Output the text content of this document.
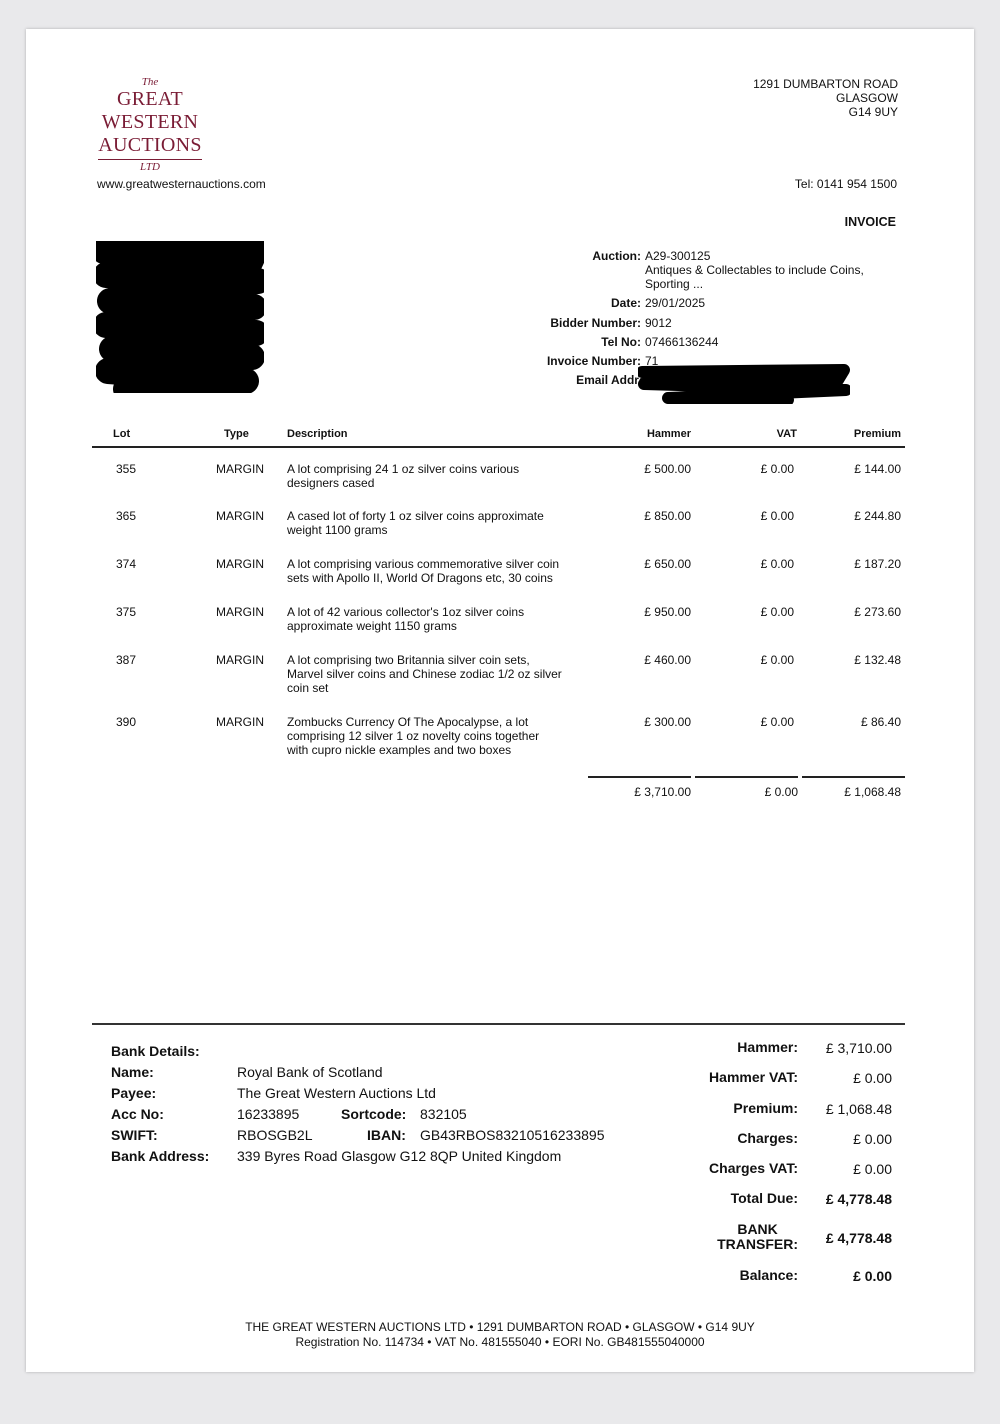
The
GREAT
WESTERN
AUCTIONS
LTD
www.greatwesternauctions.com
1291 DUMBARTON ROAD
GLASGOW
G14 9UY
Tel: 0141 954 1500
INVOICE
Auction: A29-300125
Antiques & Collectables to include Coins,
Sporting ...
Date: 29/01/2025
Bidder Number: 9012
Tel No: 07466136244
Invoice Number: 71
Email Address:
Lot	Type	Description	Hammer	VAT	Premium
355	MARGIN A lot comprising 24 1 oz silver coins various
designers cased
£ 500.00	£ 0.00	£ 144.00
365	MARGIN A cased lot of forty 1 oz silver coins approximate
weight 1100 grams
£ 850.00	£ 0.00	£ 244.80
374	MARGIN A lot comprising various commemorative silver coin
sets with Apollo II, World Of Dragons etc, 30 coins
£ 650.00	£ 0.00	£ 187.20
375	MARGIN A lot of 42 various collector's 1oz silver coins
approximate weight 1150 grams
£ 950.00	£ 0.00	£ 273.60
387	MARGIN A lot comprising two Britannia silver coin sets,
Marvel silver coins and Chinese zodiac 1/2 oz silver
coin set
£ 460.00	£ 0.00	£ 132.48
390	MARGIN Zombucks Currency Of The Apocalypse, a lot
comprising 12 silver 1 oz novelty coins together
with cupro nickle examples and two boxes
£ 300.00	£ 0.00	£ 86.40
£ 3,710.00	£ 0.00	£ 1,068.48
Bank Details:
Name:	Royal Bank of Scotland
Payee:	The Great Western Auctions Ltd
Acc No:	16233895	Sortcode: 832105
SWIFT:	RBOSGB2L	IBAN: GB43RBOS83210516233895
Bank Address: 339 Byres Road Glasgow G12 8QP United Kingdom
Hammer: £ 3,710.00
Hammer VAT:	£ 0.00
Premium: £ 1,068.48
Charges:	£ 0.00
Charges VAT:	£ 0.00
Total Due: £ 4,778.48
BANK
TRANSFER: £ 4,778.48
Balance:	£ 0.00
THE GREAT WESTERN AUCTIONS LTD • 1291 DUMBARTON ROAD • GLASGOW • G14 9UY
Registration No. 114734 • VAT No. 481555040 • EORI No. GB481555040000
